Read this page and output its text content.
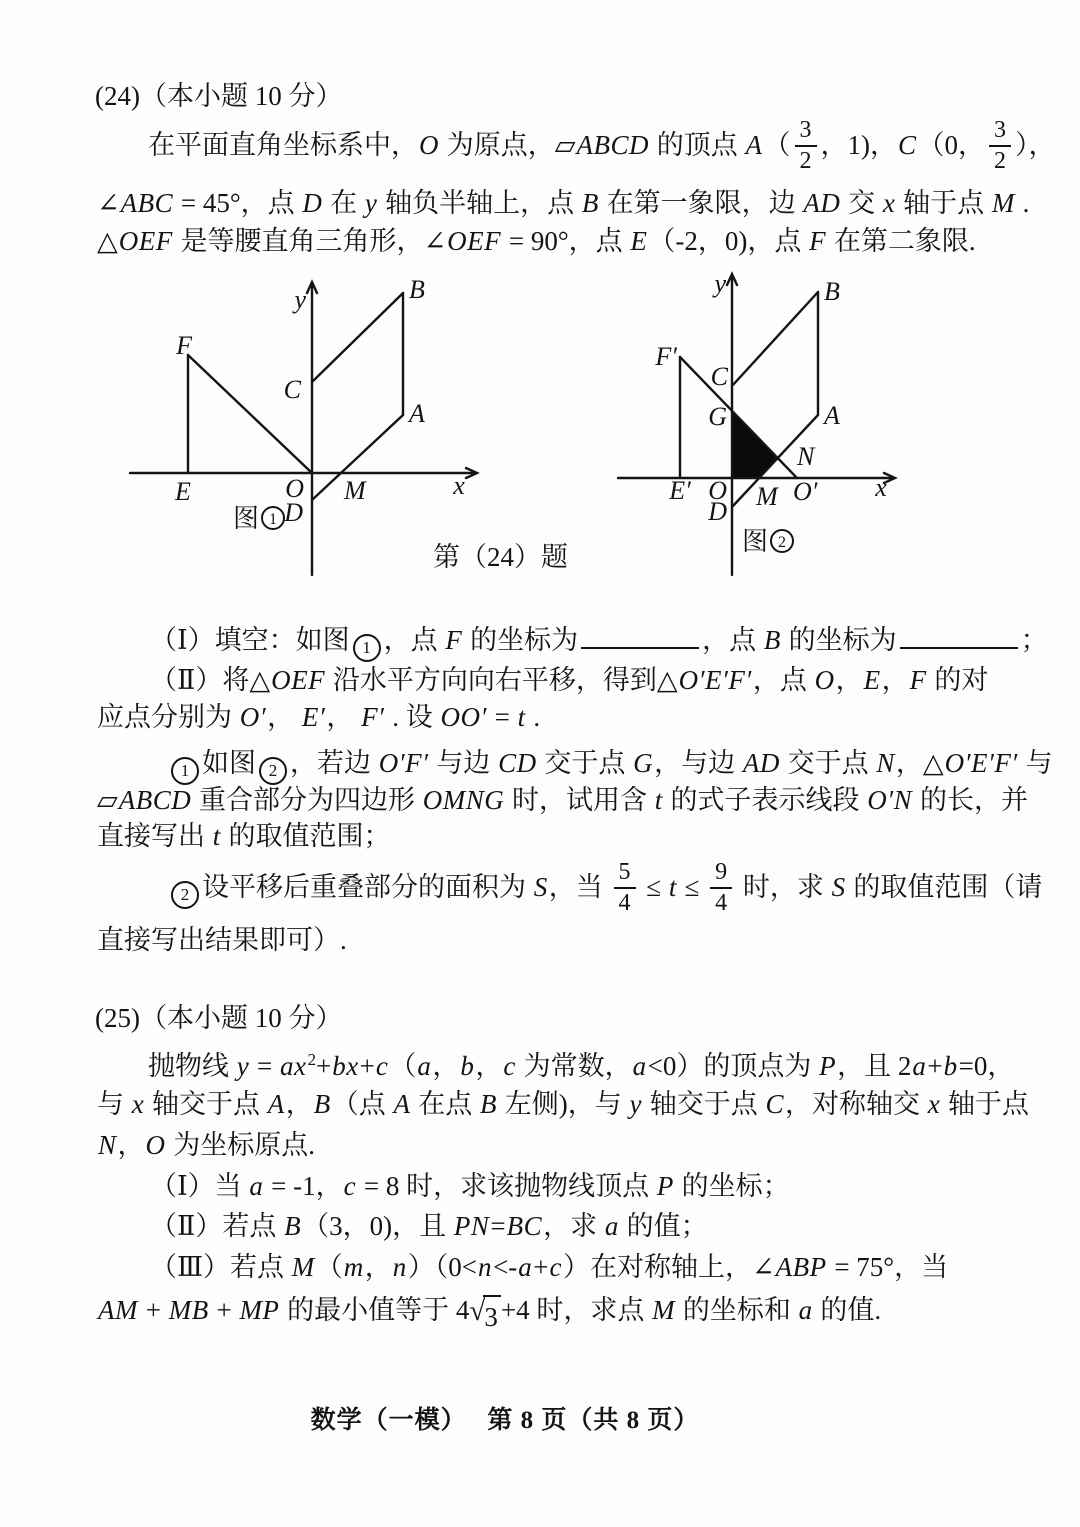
(24)（本小题 10 分）
在平面直角坐标系中，O 为原点，▱ABCD 的顶点 $A( \frac{3}{2}$ ，1)，C（0， $\frac{3}{2}$ ），
∠ABC = 45°，点 D 在 y 轴负半轴上，点 B 在第一象限，边 AD 交 x 轴于点 M .
△OEF 是等腰直角三角形，∠OEF = 90°，点 E（-2，0)，点 F 在第二象限.
y
x
F
E	O
D
C
B
A
M
图 1
y
x
F′
E′ O
D
C
G	A
B
N
M O′
图 2
第（24）题
（Ⅰ）填空：如图 1 ，点 F 的坐标为	，点 B 的坐标为	；
（Ⅱ）将△OEF 沿水平方向向右平移，得到△O′E′F′，点 O，E，F 的对
应点分别为 O′， E′， F′ . 设 OO′ = t .
1 如图 2 ，若边 O′F′ 与边 CD 交于点 G，与边 AD 交于点 N，△O′E′F′ 与
▱ABCD 重合部分为四边形 OMNG 时，试用含 t 的式子表示线段 O′N 的长，并
直接写出 t 的取值范围；
2 设平移后重叠部分的面积为 S，当 $\frac{5}{4} \le t \le \frac{9}{4}$ 时，求 S 的取值范围（请
直接写出结果即可）.
(25)（本小题 10 分）
抛物线 $y = ax^2+bx+c(a$，b，c 为常数，a<0）的顶点为 P，且 2a+b=0，
与 x 轴交于点 A，B（点 A 在点 B 左侧)，与 y 轴交于点 C，对称轴交 x 轴于点
N，O 为坐标原点.
（Ⅰ）当 a = -1，c = 8 时，求该抛物线顶点 P 的坐标；
（Ⅱ）若点 B（3，0)，且 PN=BC，求 a 的值；
（Ⅲ）若点 M（m，n）（0<n<-a+c）在对称轴上，∠ABP = 75°，当
AM + MB + MP 的最小值等于 4 √ 3 +4 时，求点 M 的坐标和 a 的值.
数学（一模）　 第 8 页（共 8 页）
